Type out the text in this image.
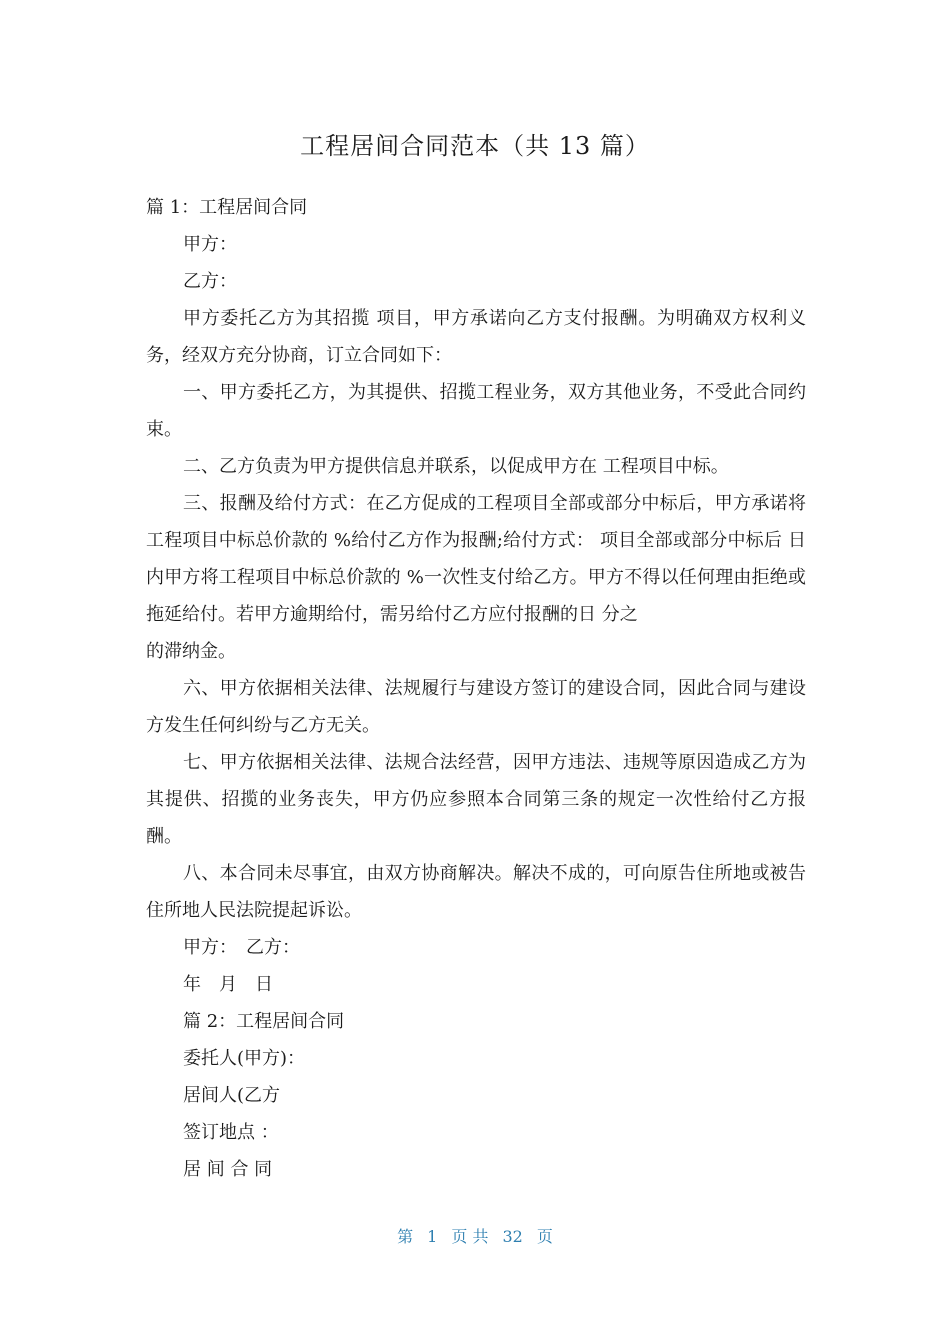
工程居间合同范本（共 13 篇）

篇 1：工程居间合同

甲方：

乙方：

甲方委托乙方为其招揽 项目，甲方承诺向乙方支付报酬。为明确双方权利义务，经双方充分协商，订立合同如下：

一、甲方委托乙方，为其提供、招揽工程业务，双方其他业务，不受此合同约束。

二、乙方负责为甲方提供信息并联系，以促成甲方在 工程项目中标。

三、报酬及给付方式：在乙方促成的工程项目全部或部分中标后，甲方承诺将工程项目中标总价款的 %给付乙方作为报酬;给付方式： 项目全部或部分中标后 日内甲方将工程项目中标总价款的 %一次性支付给乙方。甲方不得以任何理由拒绝或拖延给付。若甲方逾期给付，需另给付乙方应付报酬的日 分之

的滞纳金。

六、甲方依据相关法律、法规履行与建设方签订的建设合同，因此合同与建设方发生任何纠纷与乙方无关。

七、甲方依据相关法律、法规合法经营，因甲方违法、违规等原因造成乙方为其提供、招揽的业务丧失，甲方仍应参照本合同第三条的规定一次性给付乙方报酬。

八、本合同未尽事宜，由双方协商解决。解决不成的，可向原告住所地或被告住所地人民法院提起诉讼。

甲方：　乙方：

年　月　日

篇 2：工程居间合同

委托人(甲方)：

居间人(乙方

签订地点 ：

居 间 合 同

第 1 页 共 32 页
